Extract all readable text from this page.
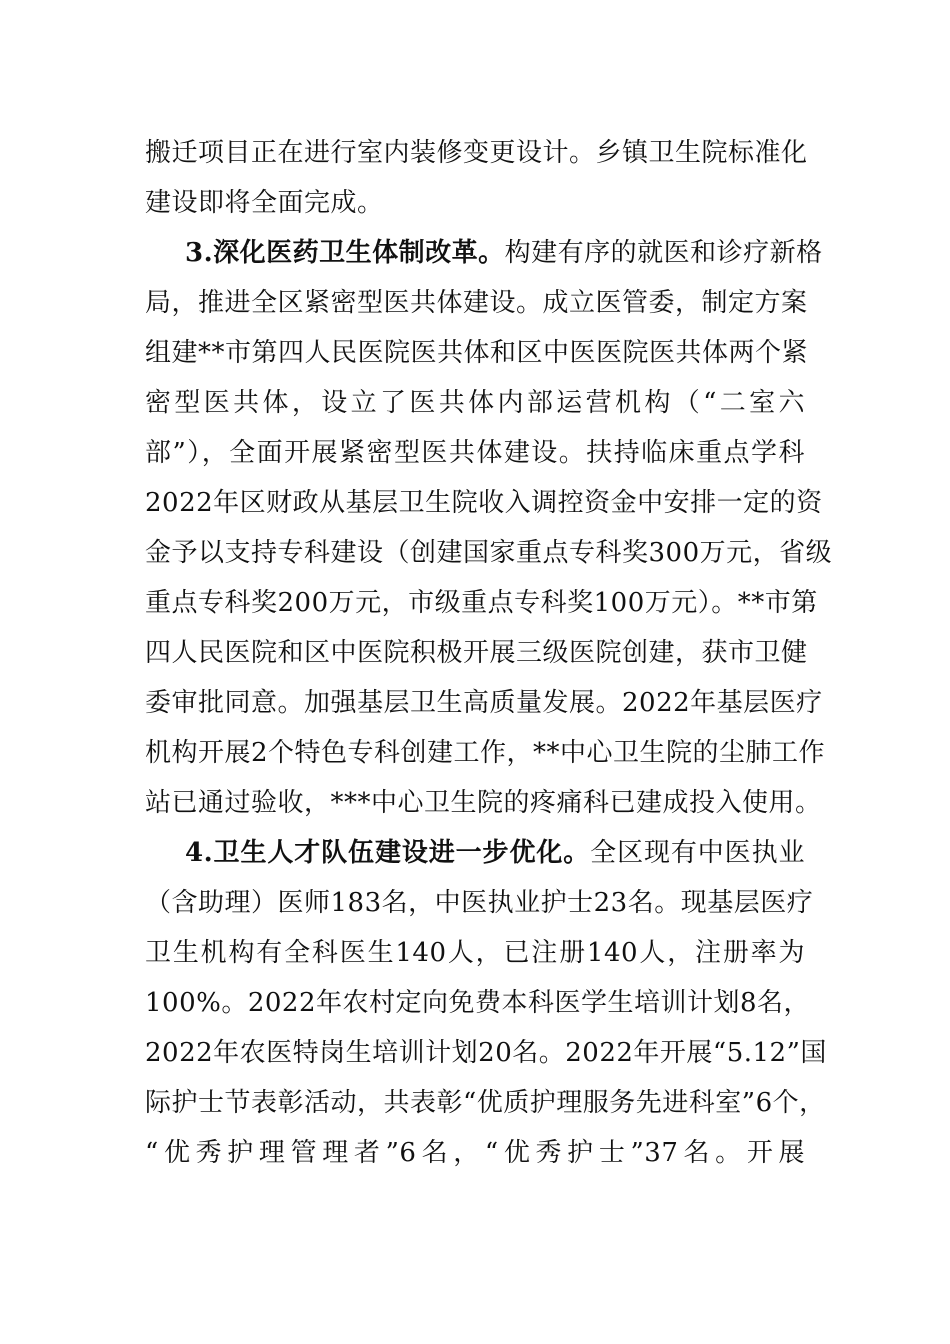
搬迁项目正在进行室内装修变更设计。乡镇卫生院标准化
建设即将全面完成。
3.深化医药卫生体制改革。构建有序的就医和诊疗新格
局，推进全区紧密型医共体建设。成立医管委，制定方案
组建**市第四人民医院医共体和区中医医院医共体两个紧
密型医共体，设立了医共体内部运营机构（“二室六
部”），全面开展紧密型医共体建设。扶持临床重点学科
2022年区财政从基层卫生院收入调控资金中安排一定的资
金予以支持专科建设（创建国家重点专科奖300万元，省级
重点专科奖200万元，市级重点专科奖100万元）。**市第
四人民医院和区中医院积极开展三级医院创建，获市卫健
委审批同意。加强基层卫生高质量发展。2022年基层医疗
机构开展2个特色专科创建工作，**中心卫生院的尘肺工作
站已通过验收，***中心卫生院的疼痛科已建成投入使用。
4.卫生人才队伍建设进一步优化。全区现有中医执业
（含助理）医师183名，中医执业护士23名。现基层医疗
卫生机构有全科医生140人，已注册140人，注册率为
100%。2022年农村定向免费本科医学生培训计划8名，
2022年农医特岗生培训计划20名。2022年开展“5.12”国
际护士节表彰活动，共表彰“优质护理服务先进科室”6个，
“优秀护理管理者”6名，“优秀护士”37名。开展
